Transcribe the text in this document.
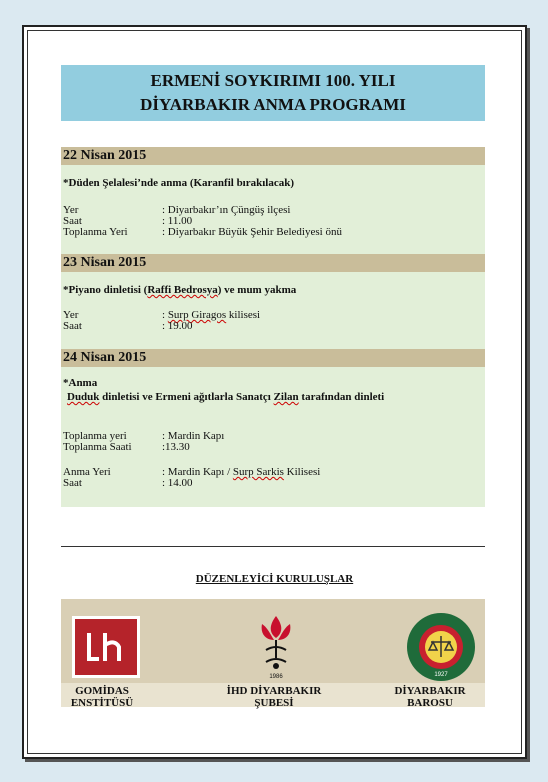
ERMENİ SOYKIRIMI 100. YILI
DİYARBAKIR ANMA PROGRAMI
22 Nisan 2015
*Düden Şelalesi’nde anma (Karanfil bırakılacak)
Yer	: Diyarbakır’ın Çüngüş ilçesi
Saat	: 11.00
Toplanma Yeri	: Diyarbakır Büyük Şehir Belediyesi önü
23 Nisan 2015
*Piyano dinletisi (Raffi Bedrosya) ve mum yakma
Yer	: Surp Giragos kilisesi
Saat	: 19.00
24 Nisan 2015
*Anma
Duduk dinletisi ve Ermeni ağıtlarla Sanatçı Zilan tarafından dinleti
Toplanma yeri	: Mardin Kapı
Toplanma Saati	:13.30
Anma Yeri	: Mardin Kapı / Surp Sarkis Kilisesi
Saat	: 14.00
DÜZENLEYİCİ KURULUŞLAR
1986	1927
GOMİDAS
ENSTİTÜSÜ
İHD DİYARBAKIR
ŞUBESİ
DİYARBAKIR
BAROSU
